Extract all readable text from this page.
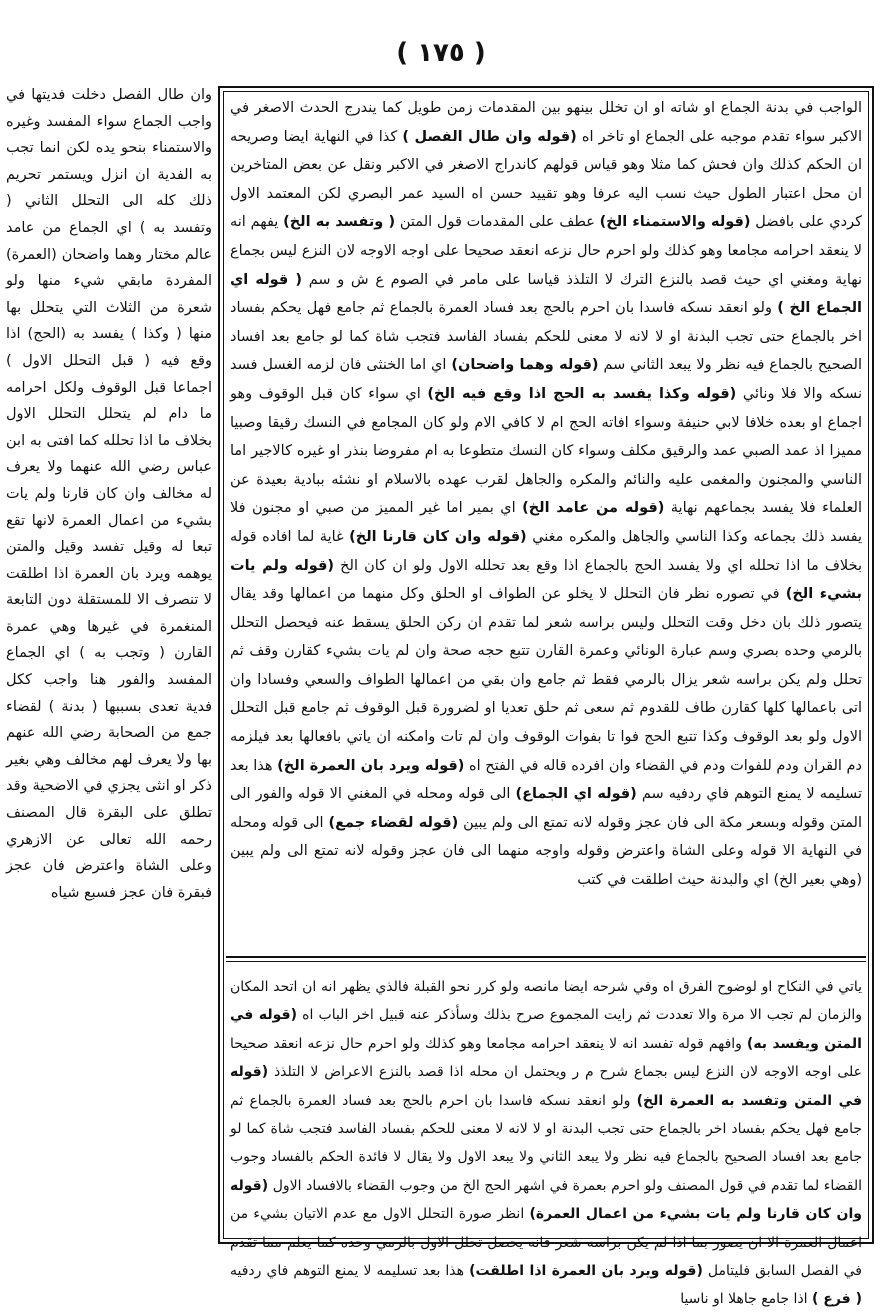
( ١٧٥ )
وان طال الفصل دخلت فديتها في واجب الجماع سواء المفسد وغيره والاستمناء بنحو يده لكن انما تجب به الفدية ان انزل ويستمر تحريم ذلك كله الى التحلل الثاني ( وتفسد به ) اي الجماع من عامد عالم مختار وهما واضحان (العمرة) المفردة مابقي شيء منها ولو شعرة من الثلاث التي يتحلل بها منها ( وكذا ) يفسد به (الحج) اذا وقع فيه ( قبل التحلل الاول ) اجماعا قبل الوقوف ولكل احرامه ما دام لم يتحلل التحلل الاول بخلاف ما اذا تحلله كما افتى به ابن عباس رضي الله عنهما ولا يعرف له مخالف وان كان قارنا ولم يات بشيء من اعمال العمرة لانها تقع تبعا له وقيل تفسد وقيل والمتن يوهمه ويرد بان العمرة اذا اطلقت لا تنصرف الا للمستقلة دون التابعة المنغمرة في غيرها وهي عمرة القارن ( وتجب به ) اي الجماع المفسد والفور هنا واجب ككل فدية تعدى بسببها ( بدنة ) لقضاء جمع من الصحابة رضي الله عنهم بها ولا يعرف لهم مخالف وهي بغير ذكر او انثى يجزي في الاضحية وقد تطلق على البقرة قال المصنف رحمه الله تعالى عن الازهري وعلى الشاة واعترض فان عجز فبقرة فان عجز فسبع شياه
الواجب في بدنة الجماع او شاته او ان تخلل بينهو بين المقدمات زمن طويل كما يندرج الحدث الاصغر في الاكبر سواء تقدم موجبه على الجماع او تاخر اه (قوله وان طال الفصل ) كذا في النهاية ايضا وصريحه ان الحكم كذلك وان فحش كما مثلا وهو قياس قولهم كاندراج الاصغر في الاكبر ونقل عن بعض المتاخرين ان محل اعتبار الطول حيث نسب اليه عرفا وهو تقييد حسن اه السيد عمر البصري لكن المعتمد الاول كردي على بافضل (قوله والاستمناء الخ) عطف على المقدمات قول المتن ( وتفسد به الخ) يفهم انه لا ينعقد احرامه مجامعا وهو كذلك ولو احرم حال نزعه انعقد صحيحا على اوجه الاوجه لان النزع ليس بجماع نهاية ومغني اي حيث قصد بالنزع الترك لا التلذذ قياسا على مامر في الصوم ع ش و سم ( قوله اي الجماع الخ ) ولو انعقد نسكه فاسدا بان احرم بالحج بعد فساد العمرة بالجماع ثم جامع فهل يحكم بفساد اخر بالجماع حتى تجب البدنة او لا لانه لا معنى للحكم بفساد الفاسد فتجب شاة كما لو جامع بعد افساد الصحيح بالجماع فيه نظر ولا يبعد الثاني سم (قوله وهما واضحان) اي اما الخنثى فان لزمه الغسل فسد نسكه والا فلا ونائي (قوله وكذا يفسد به الحج اذا وقع فيه الخ) اي سواء كان قبل الوقوف وهو اجماع او بعده خلافا لابي حنيفة وسواء افاته الحج ام لا كافي الام ولو كان المجامع في النسك رقيقا وصبيا مميزا اذ عمد الصبي عمد والرقيق مكلف وسواء كان النسك متطوعا به ام مفروضا بنذر او غيره كالاجير اما الناسي والمجنون والمغمى عليه والنائم والمكره والجاهل لقرب عهده بالاسلام او نشئه ببادية بعيدة عن العلماء فلا يفسد بجماعهم نهاية (قوله من عامد الخ) اي بمير اما غير المميز من صبي او مجنون فلا يفسد ذلك بجماعه وكذا الناسي والجاهل والمكره مغني (قوله وان كان قارنا الخ) غاية لما افاده قوله بخلاف ما اذا تحلله اي ولا يفسد الحج بالجماع اذا وقع بعد تحلله الاول ولو ان كان الخ (قوله ولم يات بشيء الخ) في تصوره نظر فان التحلل لا يخلو عن الطواف او الحلق وكل منهما من اعمالها وقد يقال يتصور ذلك بان دخل وقت التحلل وليس براسه شعر لما تقدم ان ركن الحلق يسقط عنه فيحصل التحلل بالرمي وحده بصري وسم عبارة الونائي وعمرة القارن تتبع حجه صحة وان لم يات بشيء كقارن وقف ثم تحلل ولم يكن براسه شعر يزال بالرمي فقط ثم جامع وان بقي من اعمالها الطواف والسعي وفسادا وان اتى باعمالها كلها كقارن طاف للقدوم ثم سعى ثم حلق تعديا او لضرورة قبل الوقوف ثم جامع قبل التحلل الاول ولو بعد الوقوف وكذا تتبع الحج فوا تا بفوات الوقوف وان لم تات وامكنه ان ياتي بافعالها بعد فيلزمه دم القران ودم للفوات ودم في القضاء وان افرده قاله في الفتح اه (قوله ويرد بان العمرة الخ) هذا بعد تسليمه لا يمنع التوهم فاي ردفيه سم (قوله اي الجماع) الى قوله ومحله في المغني الا قوله والفور الى المتن وقوله وبسعر مكة الى فان عجز وقوله لانه تمتع الى ولم يبين (قوله لقضاء جمع) الى قوله ومحله في النهاية الا قوله وعلى الشاة واعترض وقوله واوجه منهما الى فان عجز وقوله لانه تمتع الى ولم يبين (وهي بعير الخ) اي والبدنة حيث اطلقت في كتب
ياتي في النكاح او لوضوح الفرق اه وفي شرحه ايضا مانصه ولو كرر نحو القبلة فالذي يظهر انه ان اتحد المكان والزمان لم تجب الا مرة والا تعددت ثم رايت المجموع صرح بذلك وسأذكر عنه قبيل اخر الباب اه (قوله في المتن ويفسد به) وافهم قوله تفسد انه لا ينعقد احرامه مجامعا وهو كذلك ولو احرم حال نزعه انعقد صحيحا على اوجه الاوجه لان النزع ليس بجماع شرح م ر ويحتمل ان محله اذا قصد بالنزع الاعراض لا التلذذ (قوله في المتن وتفسد به العمرة الخ) ولو انعقد نسكه فاسدا بان احرم بالحج بعد فساد العمرة بالجماع ثم جامع فهل يحكم بفساد اخر بالجماع حتى تجب البدنة او لا لانه لا معنى للحكم بفساد الفاسد فتجب شاة كما لو جامع بعد افساد الصحيح بالجماع فيه نظر ولا يبعد الثاني ولا يبعد الاول ولا يقال لا فائدة الحكم بالفساد وجوب القضاء لما تقدم في قول المصنف ولو احرم بعمرة في اشهر الحج الخ من وجوب القضاء بالافساد الاول (قوله وان كان قارنا ولم يات بشيء من اعمال العمرة) انظر صورة التحلل الاول مع عدم الاتيان بشيء من اعمال العمرة الا ان يصور بما اذا لم يكن براسه شعر فانه يحصل تحلل الاول بالرمي وحده كما يعلم مما تقدم في الفصل السابق فليتامل (قوله ويرد بان العمرة اذا اطلقت) هذا بعد تسليمه لا يمنع التوهم فاي ردفيه ( فرع ) اذا جامع جاهلا او ناسيا
